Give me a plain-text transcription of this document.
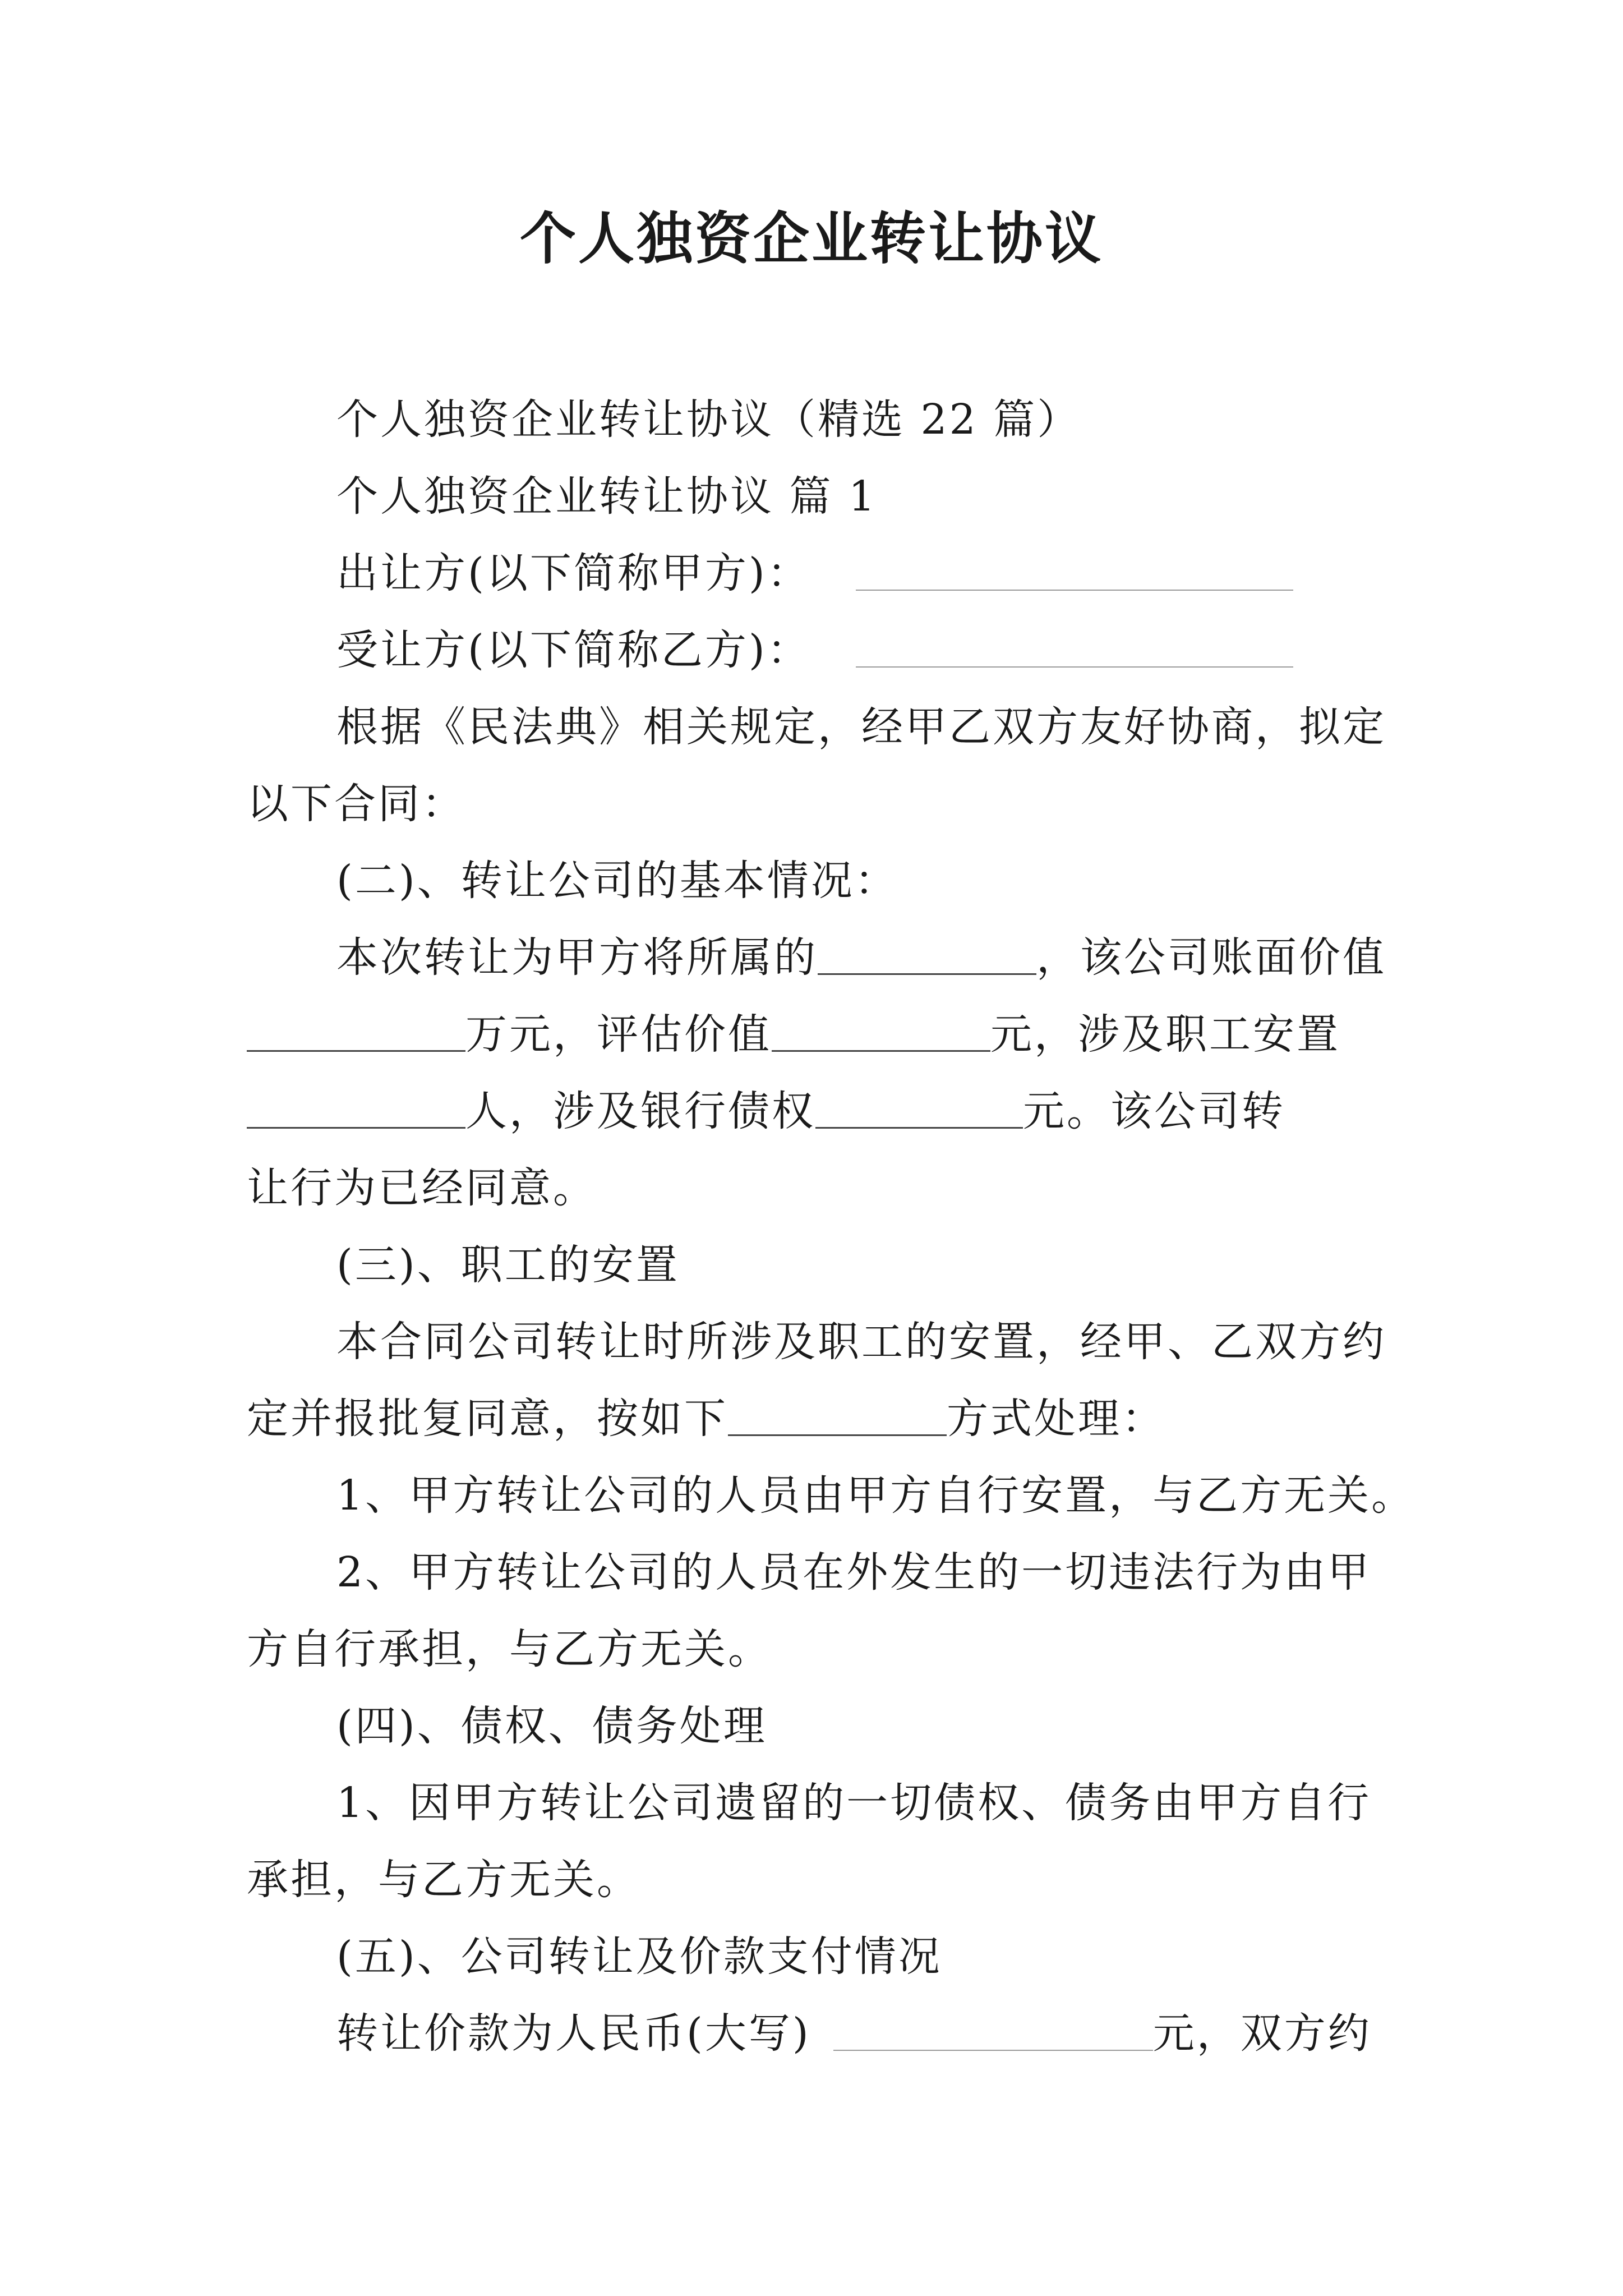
个人独资企业转让协议
个人独资企业转让协议（精选 22 篇）
个人独资企业转让协议 篇 1
出让方(以下简称甲方)：
受让方(以下简称乙方)：
根据《民法典》相关规定，经甲乙双方友好协商，拟定
以下合同：
(二)、转让公司的基本情况：
本次转让为甲方将所属的	，该公司账面价值
万元，评估价值	元，涉及职工安置
人，涉及银行债权	元。该公司转
让行为已经同意。
(三)、职工的安置
本合同公司转让时所涉及职工的安置，经甲、乙双方约
定并报批复同意，按如下	方式处理：
1、甲方转让公司的人员由甲方自行安置，与乙方无关。
2、甲方转让公司的人员在外发生的一切违法行为由甲
方自行承担，与乙方无关。
(四)、债权、债务处理
1、因甲方转让公司遗留的一切债权、债务由甲方自行
承担，与乙方无关。
(五)、公司转让及价款支付情况
转让价款为人民币(大写)	元，双方约
